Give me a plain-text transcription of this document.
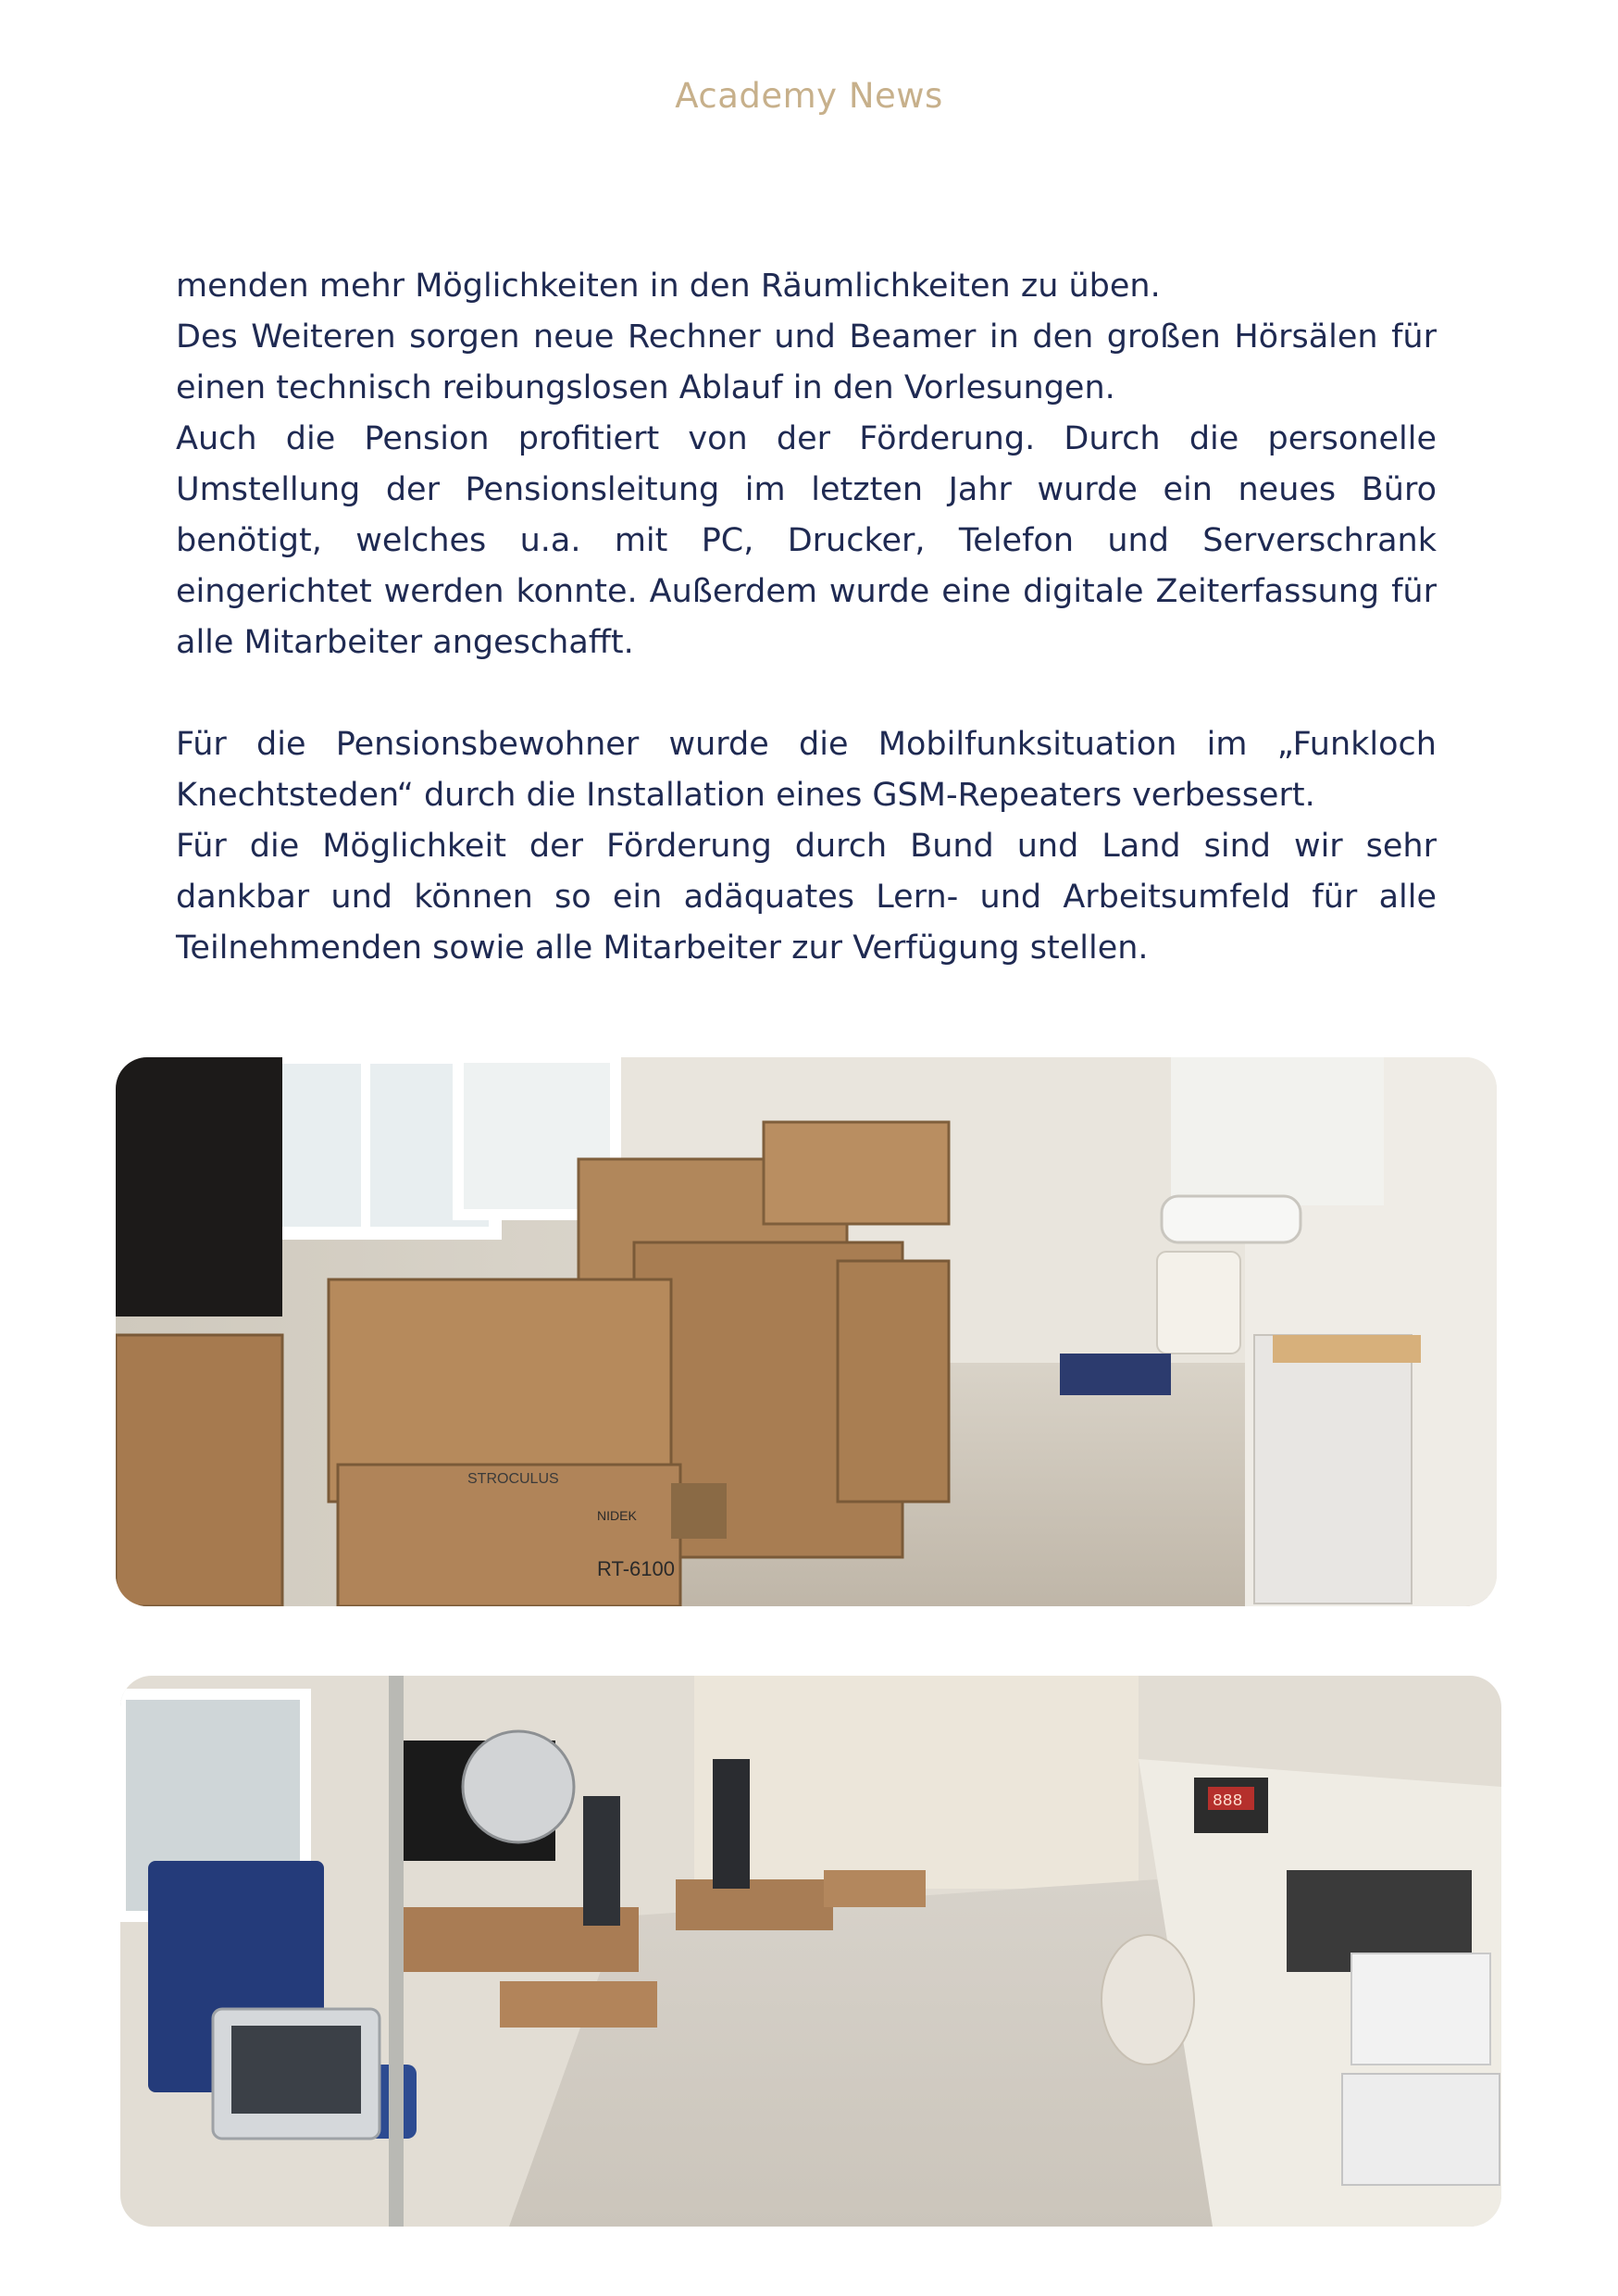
Academy News

menden mehr Möglichkeiten in den Räumlichkeiten zu üben.

Des Weiteren sorgen neue Rechner und Beamer in den großen Hörsälen für einen technisch reibungslosen Ablauf in den Vorlesungen.

Auch die Pension profitiert von der Förderung. Durch die personelle Umstellung der Pensionsleitung im letzten Jahr wurde ein neues Büro benötigt, welches u.a. mit PC, Drucker, Telefon und Serverschrank eingerichtet werden konnte. Außerdem wurde eine digitale Zeiterfassung für alle Mitarbeiter angeschafft.

Für die Pensionsbewohner wurde die Mobilfunksituation im „Funkloch Knechtsteden“ durch die Installation eines GSM-Repeaters verbessert.

Für die Möglichkeit der Förderung durch Bund und Land sind wir sehr dankbar und können so ein adäquates Lern- und Arbeitsumfeld für alle Teilnehmenden sowie alle Mitarbeiter zur Verfügung stellen.

RT-6100
NIDEK
STROCULUS
888
